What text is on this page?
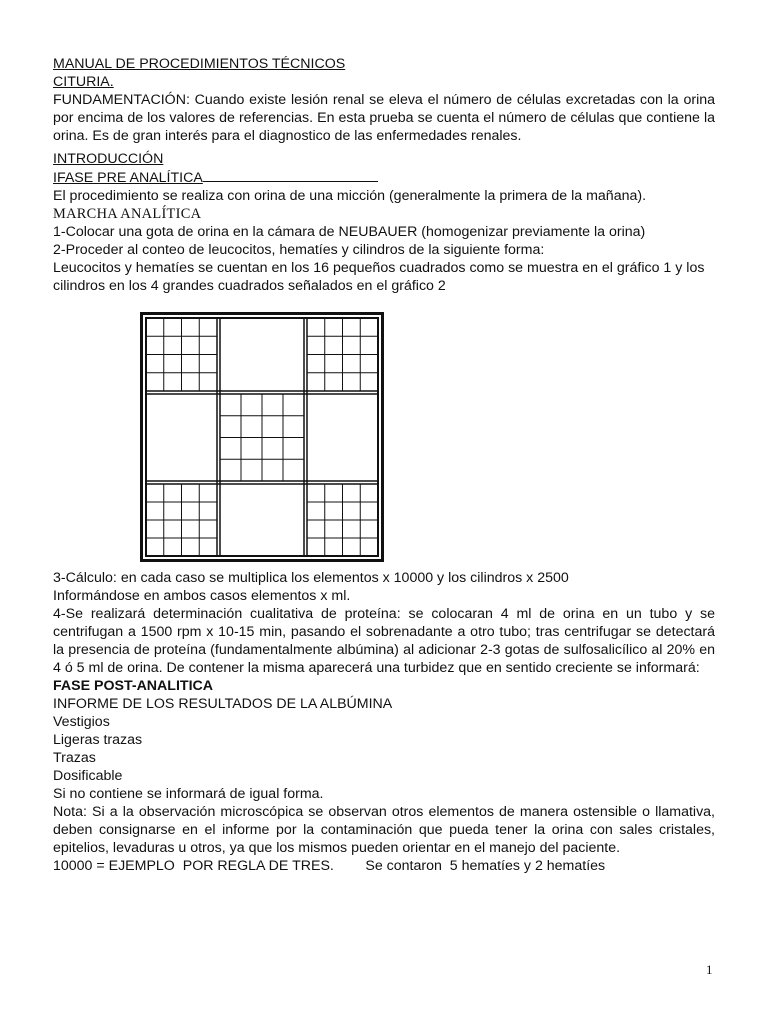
MANUAL DE PROCEDIMIENTOS TÉCNICOS
CITURIA.

FUNDAMENTACIÓN: Cuando existe lesión renal se eleva el número de células excretadas con la orina por encima de los valores de referencias. En esta prueba se cuenta el número de células que contiene la orina. Es de gran interés para el diagnostico de las enfermedades renales.

INTRODUCCIÓN
IFASE PRE ANALÍTICA
El procedimiento se realiza con orina de una micción (generalmente la primera de la mañana).
MARCHA ANALÍTICA
1-Colocar una gota de orina en la cámara de NEUBAUER (homogenizar previamente la orina)
2-Proceder al conteo de leucocitos, hematíes y cilindros de la siguiente forma:

Leucocitos y hematíes se cuentan en los 16 pequeños cuadrados como se muestra en el gráfico 1 y los cilindros en los 4 grandes cuadrados señalados en el gráfico 2

3-Cálculo: en cada caso se multiplica los elementos x 10000 y los cilindros x 2500
Informándose en ambos casos elementos x ml.

4-Se realizará determinación cualitativa de proteína: se colocaran 4 ml de orina en un tubo y se centrifugan a 1500 rpm x 10-15 min, pasando el sobrenadante a otro tubo; tras centrifugar se detectará la presencia de proteína (fundamentalmente albúmina) al adicionar 2-3 gotas de sulfosalicílico al 20% en 4 ó 5 ml de orina. De contener la misma aparecerá una turbidez que en sentido creciente se informará:

FASE POST-ANALITICA
INFORME DE LOS RESULTADOS DE LA ALBÚMINA
Vestigios
Ligeras trazas
Trazas
Dosificable
Si no contiene se informará de igual forma.

Nota: Si a la observación microscópica se observan otros elementos de manera ostensible o llamativa, deben consignarse en el informe por la contaminación que pueda tener la orina con sales cristales, epitelios, levaduras u otros, ya que los mismos pueden orientar en el manejo del paciente.

10000 = EJEMPLO  POR REGLA DE TRES.        Se contaron  5 hematíes y 2 hematíes
1
